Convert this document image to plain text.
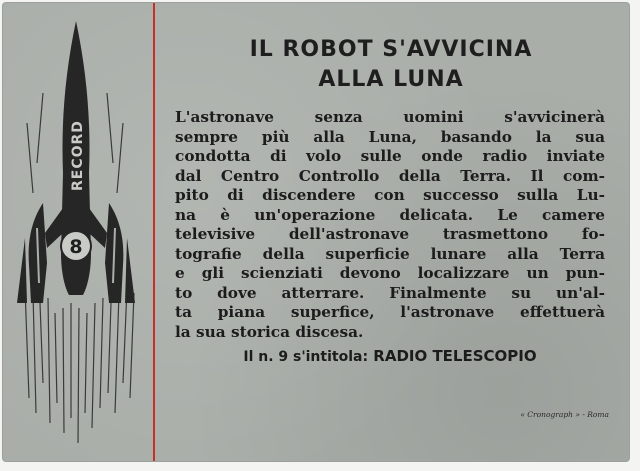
RECORD
8
IL ROBOT S'AVVICINA
ALLA LUNA

L'astronave senza uomini s'avvicinerà
sempre più alla Luna, basando la sua
condotta di volo sulle onde radio inviate
dal Centro Controllo della Terra. Il com-
pito di discendere con successo sulla Lu-
na è un'operazione delicata. Le camere
televisive dell'astronave trasmettono fo-
tografie della superficie lunare alla Terra
e gli scienziati devono localizzare un pun-
to dove atterrare. Finalmente su un'al-
ta piana superfice, l'astronave effettuerà
la sua storica discesa.

Il n. 9 s'intitola: RADIO TELESCOPIO

« Cronograph » - Roma
